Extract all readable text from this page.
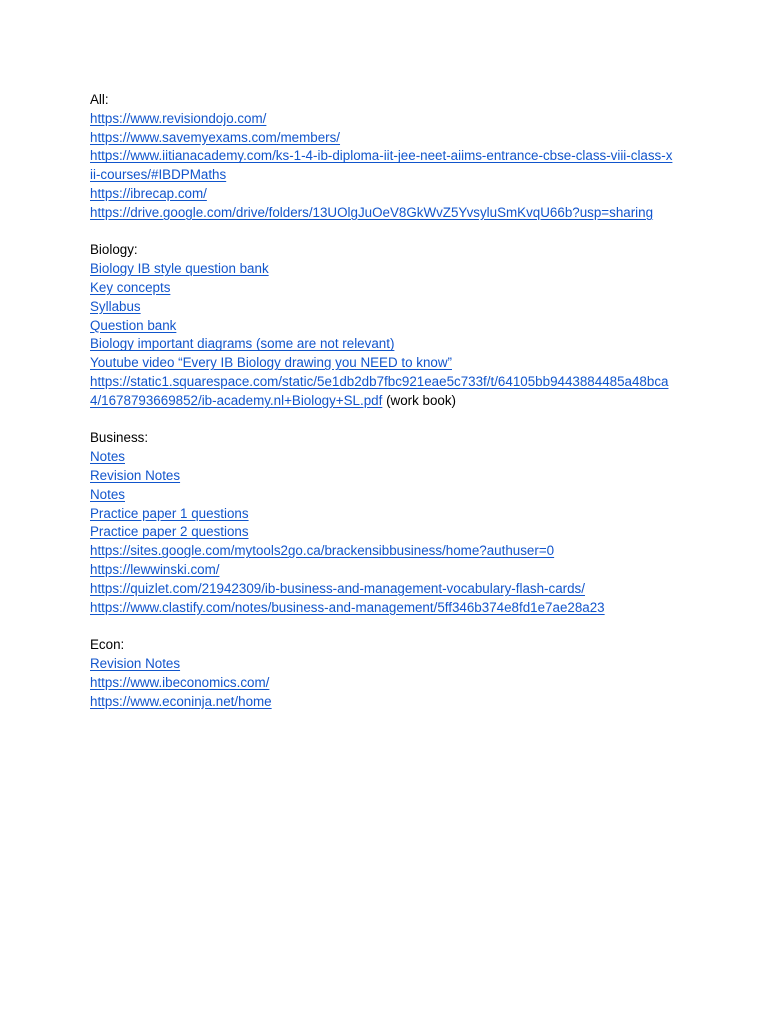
All:
https://www.revisiondojo.com/
https://www.savemyexams.com/members/
https://www.iitianacademy.com/ks-1-4-ib-diploma-iit-jee-neet-aiims-entrance-cbse-class-viii-class-xii-courses/#IBDPMaths
https://ibrecap.com/
https://drive.google.com/drive/folders/13UOlgJuOeV8GkWvZ5YvsyluSmKvqU66b?usp=sharing
Biology:
Biology IB style question bank
Key concepts
Syllabus
Question bank
Biology important diagrams (some are not relevant)
Youtube video “Every IB Biology drawing you NEED to know”
https://static1.squarespace.com/static/5e1db2db7fbc921eae5c733f/t/64105bb9443884485a48bca4/1678793669852/ib-academy.nl+Biology+SL.pdf (work book)
Business:
Notes
Revision Notes
Notes
Practice paper 1 questions
Practice paper 2 questions
https://sites.google.com/mytools2go.ca/brackensibbusiness/home?authuser=0
https://lewwinski.com/
https://quizlet.com/21942309/ib-business-and-management-vocabulary-flash-cards/
https://www.clastify.com/notes/business-and-management/5ff346b374e8fd1e7ae28a23
Econ:
Revision Notes
https://www.ibeconomics.com/
https://www.econinja.net/home
